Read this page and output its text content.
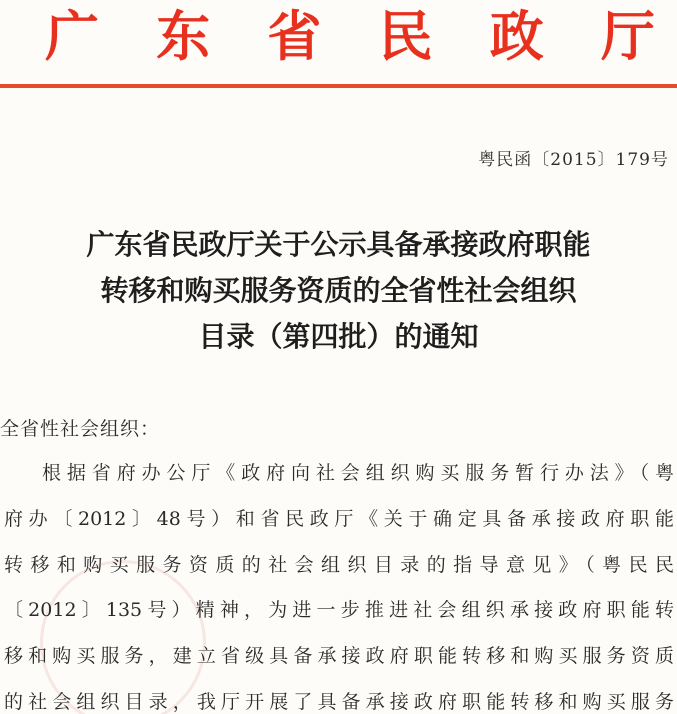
广 东 省 民 政 厅
粤民函〔2015〕179号
广东省民政厅关于公示具备承接政府职能
转移和购买服务资质的全省性社会组织
目录（第四批）的通知
全省性社会组织：
根据省府办公厅《政府向社会组织购买服务暂行办法》（粤
府办〔2012〕48号）和省民政厅《关于确定具备承接政府职能
转移和购买服务资质的社会组织目录的指导意见》（粤民民
〔2012〕135号）精神，为进一步推进社会组织承接政府职能转
移和购买服务，建立省级具备承接政府职能转移和购买服务资质
的社会组织目录，我厅开展了具备承接政府职能转移和购买服务
